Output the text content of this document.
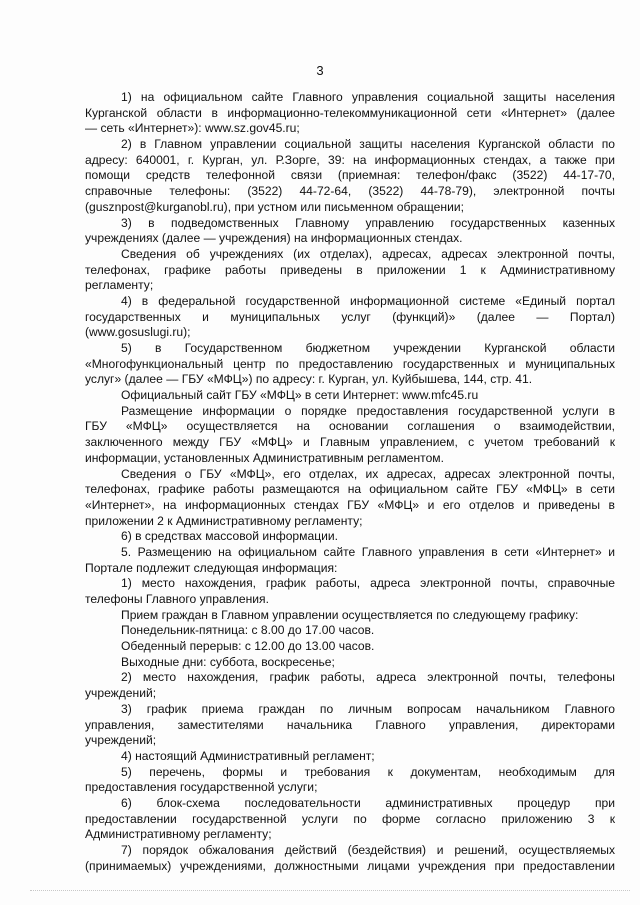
3
1) на официальном сайте Главного управления социальной защиты населения
Курганской области в информационно-телекоммуникационной сети «Интернет» (далее
— сеть «Интернет»): www.sz.gov45.ru;
2) в Главном управлении социальной защиты населения Курганской области по
адресу: 640001, г. Курган, ул. Р.Зорге, 39: на информационных стендах, а также при
помощи средств телефонной связи (приемная: телефон/факс (3522) 44-17-70,
справочные телефоны: (3522) 44-72-64, (3522) 44-78-79), электронной почты
(gusznpost@kurganobl.ru), при устном или письменном обращении;
3) в подведомственных Главному управлению государственных казенных
учреждениях (далее — учреждения) на информационных стендах.
Сведения об учреждениях (их отделах), адресах, адресах электронной почты,
телефонах, графике работы приведены в приложении 1 к Административному
регламенту;
4) в федеральной государственной информационной системе «Единый портал
государственных и муниципальных услуг (функций)» (далее — Портал)
(www.gosuslugi.ru);
5) в Государственном бюджетном учреждении Курганской области
«Многофункциональный центр по предоставлению государственных и муниципальных
услуг» (далее — ГБУ «МФЦ») по адресу: г. Курган, ул. Куйбышева, 144, стр. 41.
Официальный сайт ГБУ «МФЦ» в сети Интернет: www.mfc45.ru
Размещение информации о порядке предоставления государственной услуги в
ГБУ «МФЦ» осуществляется на основании соглашения о взаимодействии,
заключенного между ГБУ «МФЦ» и Главным управлением, с учетом требований к
информации, установленных Административным регламентом.
Сведения о ГБУ «МФЦ», его отделах, их адресах, адресах электронной почты,
телефонах, графике работы размещаются на официальном сайте ГБУ «МФЦ» в сети
«Интернет», на информационных стендах ГБУ «МФЦ» и его отделов и приведены в
приложении 2 к Административному регламенту;
6) в средствах массовой информации.
5. Размещению на официальном сайте Главного управления в сети «Интернет» и
Портале подлежит следующая информация:
1) место нахождения, график работы, адреса электронной почты, справочные
телефоны Главного управления.
Прием граждан в Главном управлении осуществляется по следующему графику:
Понедельник-пятница: с 8.00 до 17.00 часов.
Обеденный перерыв: с 12.00 до 13.00 часов.
Выходные дни: суббота, воскресенье;
2) место нахождения, график работы, адреса электронной почты, телефоны
учреждений;
3) график приема граждан по личным вопросам начальником Главного
управления, заместителями начальника Главного управления, директорами
учреждений;
4) настоящий Административный регламент;
5) перечень, формы и требования к документам, необходимым для
предоставления государственной услуги;
6) блок-схема последовательности административных процедур при
предоставлении государственной услуги по форме согласно приложению 3 к
Административному регламенту;
7) порядок обжалования действий (бездействия) и решений, осуществляемых
(принимаемых) учреждениями, должностными лицами учреждения при предоставлении
